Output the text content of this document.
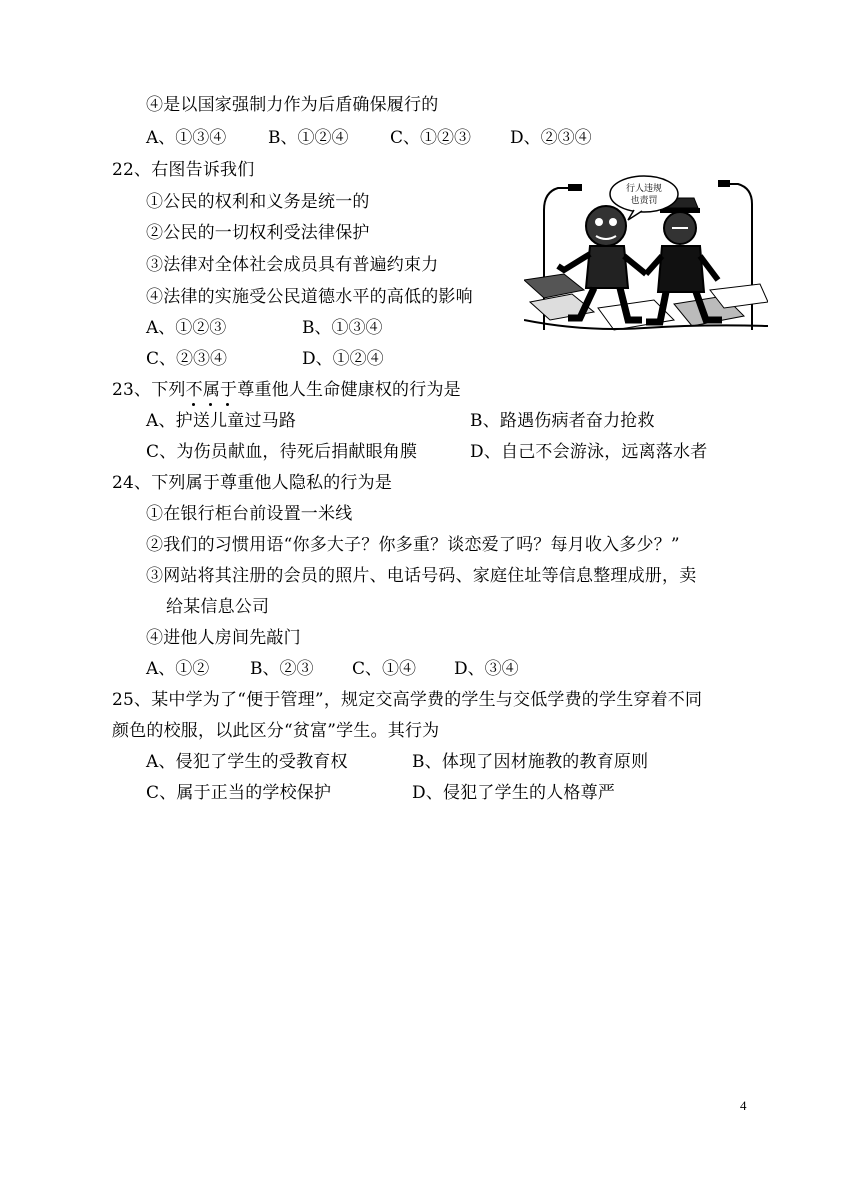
④是以国家强制力作为后盾确保履行的
A、①③④ B、①②④ C、①②③ D、②③④
22、右图告诉我们
①公民的权利和义务是统一的
②公民的一切权利受法律保护
③法律对全体社会成员具有普遍约束力
④法律的实施受公民道德水平的高低的影响
A、①②③	B、①③④
C、②③④	D、①②④
行人违规
也责罚
23、下列不属于
尊重他人生命健康权的行为是
A、护送儿童过马路	B、路遇伤病者奋力抢救
C、为伤员献血，待死后捐献眼角膜	D、自己不会游泳，远离落水者
24、下列属于尊重他人隐私的行为是
①在银行柜台前设置一米线
②我们的习惯用语“你多大子？你多重？谈恋爱了吗？每月收入多少？”
③网站将其注册的会员的照片、电话号码、家庭住址等信息整理成册，卖
给某信息公司
④进他人房间先敲门
A、①② B、②③ C、①④ D、③④
25、某中学为了“便于管理”，规定交高学费的学生与交低学费的学生穿着不同
颜色的校服，以此区分“贫富”学生。其行为
A、侵犯了学生的受教育权	B、体现了因材施教的教育原则
C、属于正当的学校保护	D、侵犯了学生的人格尊严
4
